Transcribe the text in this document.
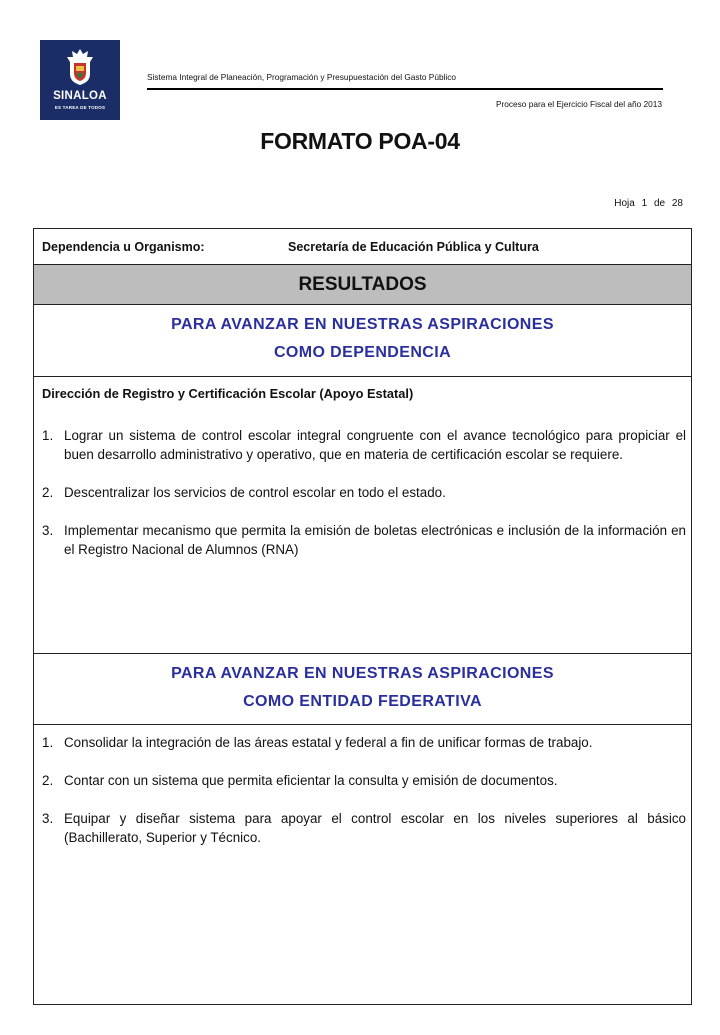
SINALOA
ES TAREA DE TODOS
Sistema Integral de Planeación, Programación y Presupuestación del Gasto Público
Proceso para el Ejercicio Fiscal del año 2013
FORMATO POA-04
Hoja 1 de 28
Dependencia u Organismo:	Secretaría de Educación Pública y Cultura
RESULTADOS
PARA AVANZAR EN NUESTRAS ASPIRACIONES
COMO DEPENDENCIA
Dirección de Registro y Certificación Escolar (Apoyo Estatal)
1. Lograr un sistema de control escolar integral congruente con el avance tecnológico para propiciar el buen desarrollo administrativo y operativo, que en materia de certificación escolar se requiere.
2. Descentralizar los servicios de control escolar en todo el estado.
3. Implementar mecanismo que permita la emisión de boletas electrónicas e inclusión de la información en el Registro Nacional de Alumnos (RNA)
PARA AVANZAR EN NUESTRAS ASPIRACIONES
COMO ENTIDAD FEDERATIVA
1. Consolidar la integración de las áreas estatal y federal a fin de unificar formas de trabajo.
2. Contar con un sistema que permita eficientar la consulta y emisión de documentos.
3. Equipar y diseñar sistema para apoyar el control escolar en los niveles superiores al básico (Bachillerato, Superior y Técnico.
